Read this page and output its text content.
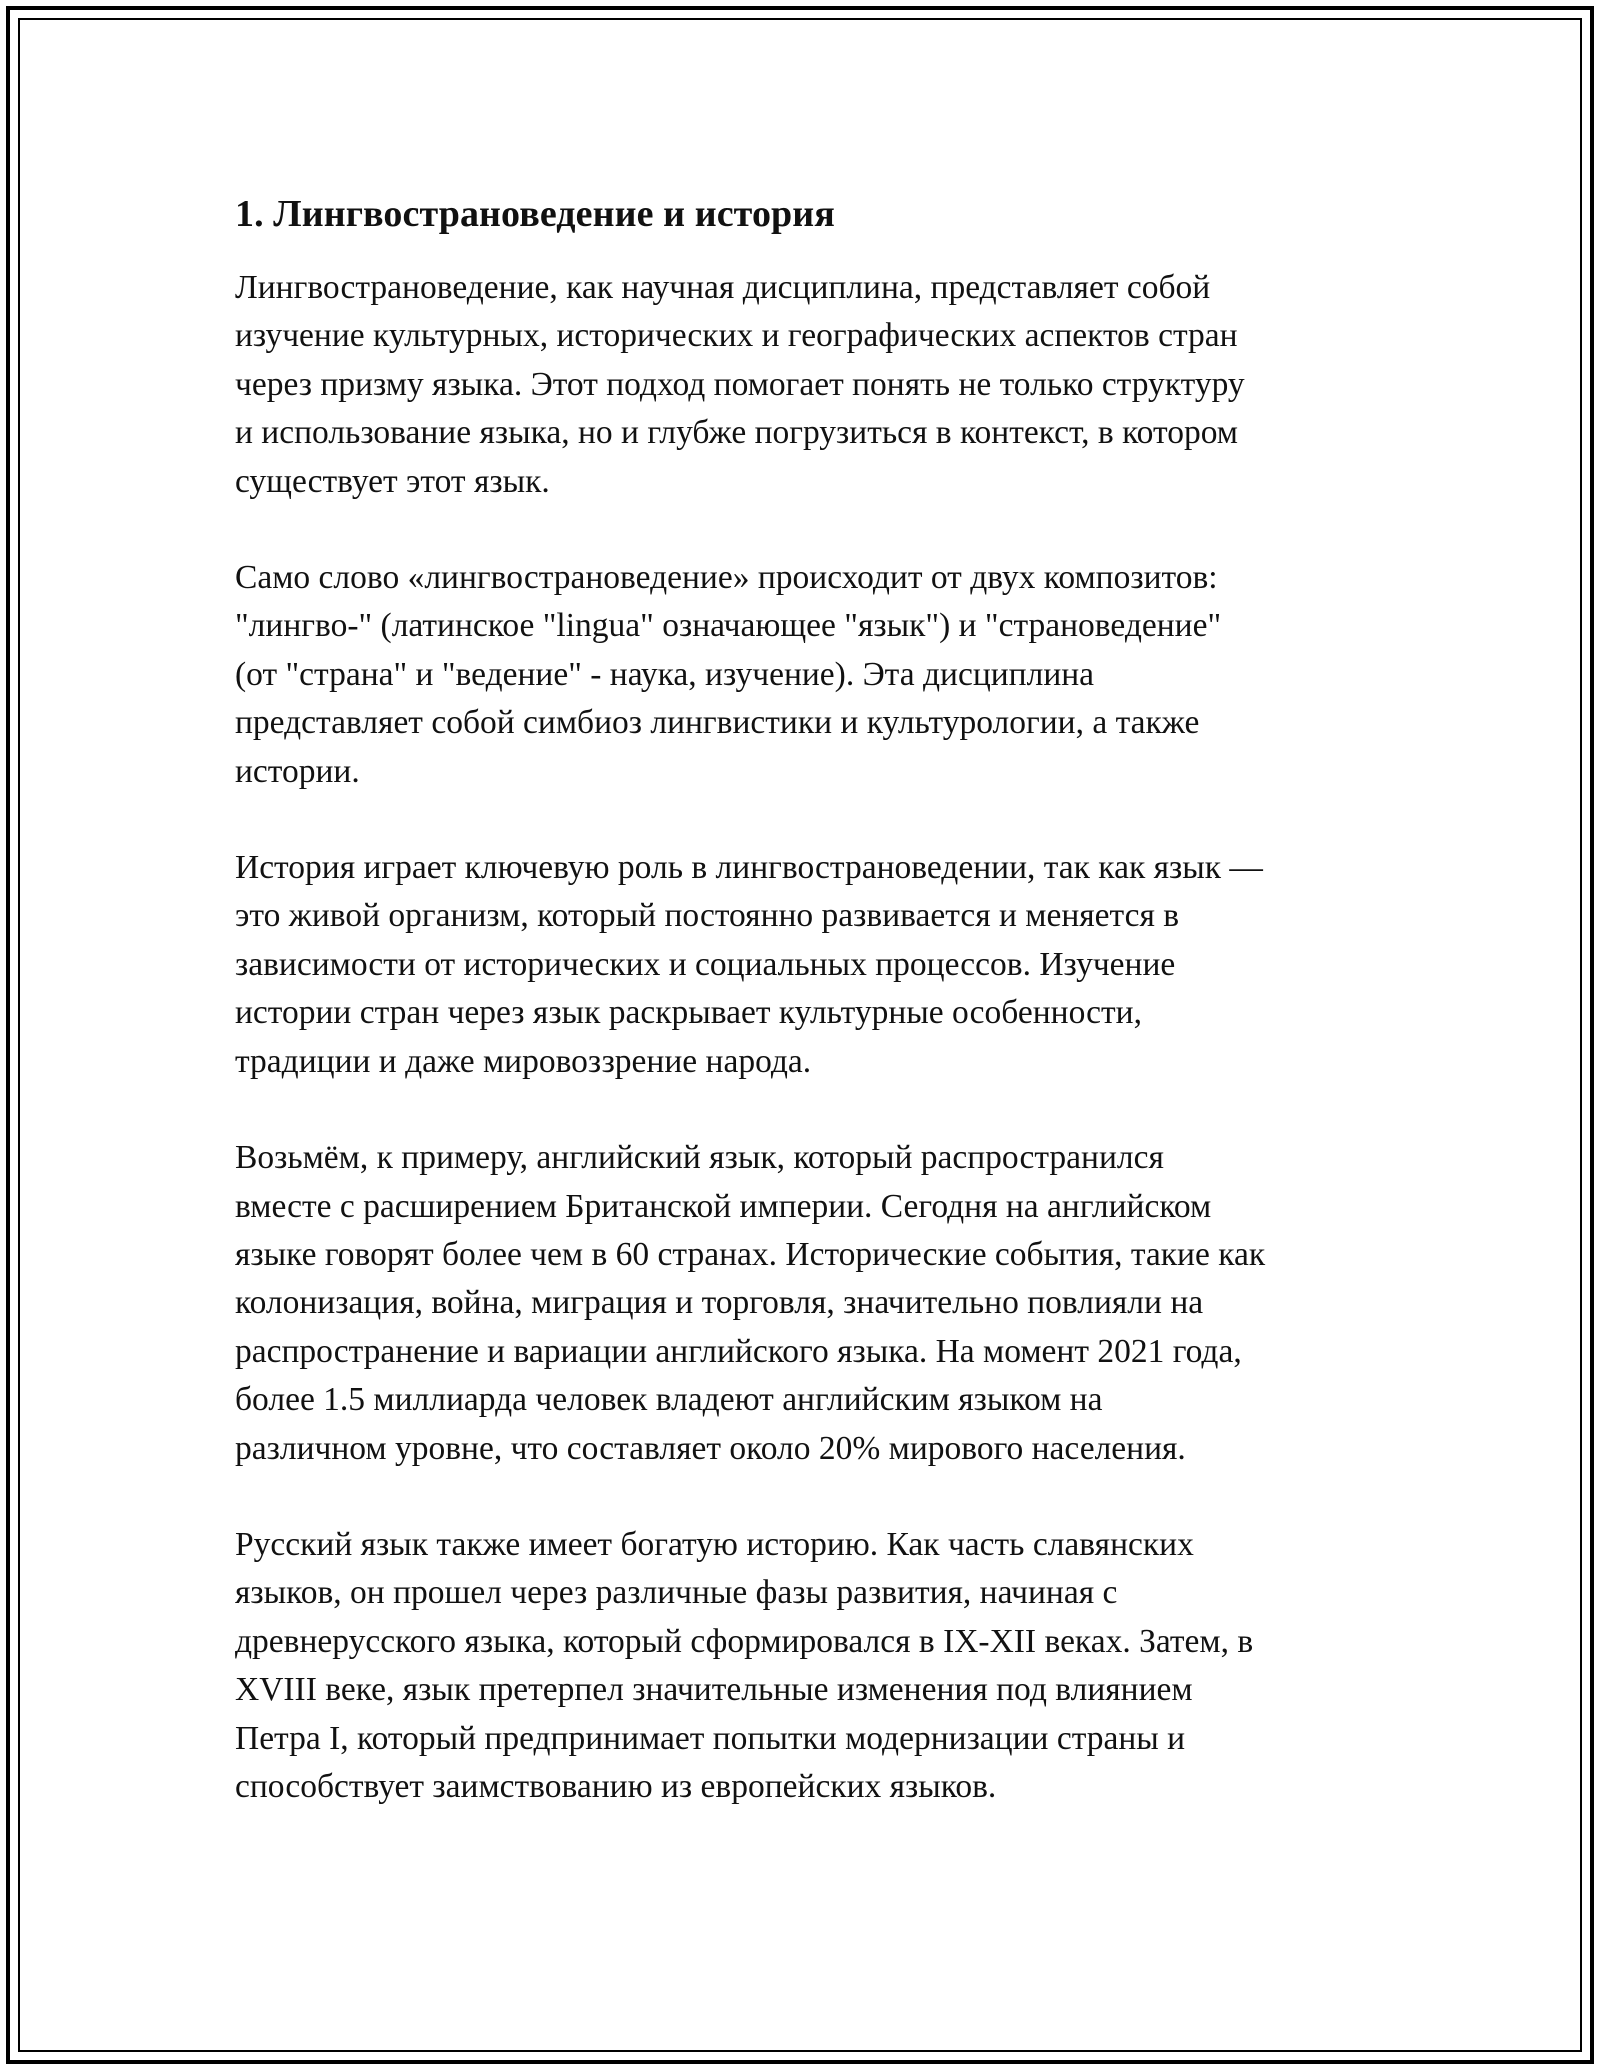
1. Лингвострановедение и история

Лингвострановедение, как научная дисциплина, представляет собой
изучение культурных, исторических и географических аспектов стран
через призму языка. Этот подход помогает понять не только структуру
и использование языка, но и глубже погрузиться в контекст, в котором
существует этот язык.

Само слово «лингвострановедение» происходит от двух композитов:
"лингво-" (латинское "lingua" означающее "язык") и "страноведение"
(от "страна" и "ведение" - наука, изучение). Эта дисциплина
представляет собой симбиоз лингвистики и культурологии, а также
истории.

История играет ключевую роль в лингвострановедении, так как язык —
это живой организм, который постоянно развивается и меняется в
зависимости от исторических и социальных процессов. Изучение
истории стран через язык раскрывает культурные особенности,
традиции и даже мировоззрение народа.

Возьмём, к примеру, английский язык, который распространился
вместе с расширением Британской империи. Сегодня на английском
языке говорят более чем в 60 странах. Исторические события, такие как
колонизация, война, миграция и торговля, значительно повлияли на
распространение и вариации английского языка. На момент 2021 года,
более 1.5 миллиарда человек владеют английским языком на
различном уровне, что составляет около 20% мирового населения.

Русский язык также имеет богатую историю. Как часть славянских
языков, он прошел через различные фазы развития, начиная с
древнерусского языка, который сформировался в IX-XII веках. Затем, в
XVIII веке, язык претерпел значительные изменения под влиянием
Петра I, который предпринимает попытки модернизации страны и
способствует заимствованию из европейских языков.
